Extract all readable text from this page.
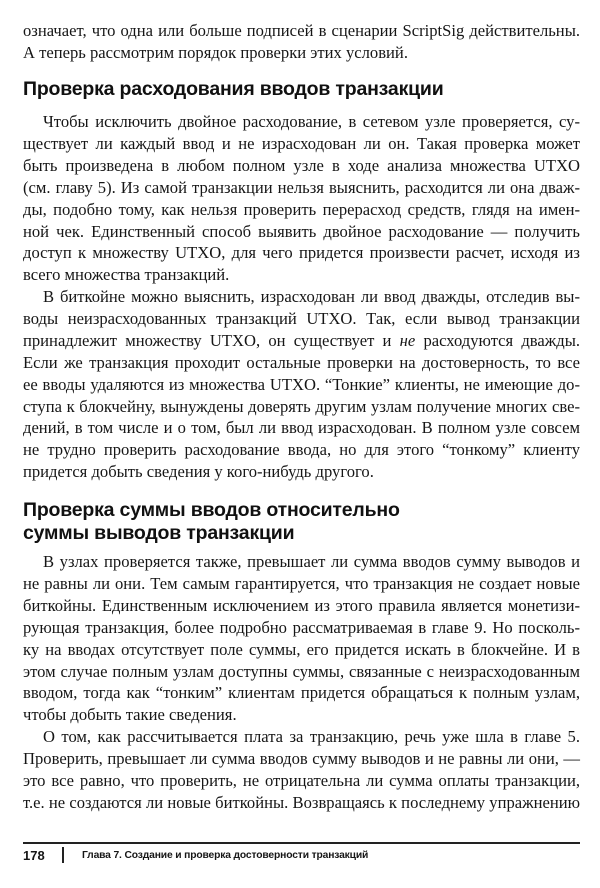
означает, что одна или больше подписей в сценарии ScriptSig действительны.
А теперь рассмотрим порядок проверки этих условий.
Проверка расходования вводов транзакции
Чтобы исключить двойное расходование, в сетевом узле проверяется, су-
ществует ли каждый ввод и не израсходован ли он. Такая проверка может
быть произведена в любом полном узле в ходе анализа множества UTXO
(см. главу 5). Из самой транзакции нельзя выяснить, расходится ли она дваж-
ды, подобно тому, как нельзя проверить перерасход средств, глядя на имен-
ной чек. Единственный способ выявить двойное расходование — получить
доступ к множеству UTXO, для чего придется произвести расчет, исходя из
всего множества транзакций.
В биткойне можно выяснить, израсходован ли ввод дважды, отследив вы-
воды неизрасходованных транзакций UTXO. Так, если вывод транзакции
принадлежит множеству UTXO, он существует и не расходуются дважды.
Если же транзакция проходит остальные проверки на достоверность, то все
ее вводы удаляются из множества UTXO. “Тонкие” клиенты, не имеющие до-
ступа к блокчейну, вынуждены доверять другим узлам получение многих све-
дений, в том числе и о том, был ли ввод израсходован. В полном узле совсем
не трудно проверить расходование ввода, но для этого “тонкому” клиенту
придется добыть сведения у кого-нибудь другого.
Проверка суммы вводов относительно
суммы выводов транзакции
В узлах проверяется также, превышает ли сумма вводов сумму выводов и
не равны ли они. Тем самым гарантируется, что транзакция не создает новые
биткойны. Единственным исключением из этого правила является монетизи-
рующая транзакция, более подробно рассматриваемая в главе 9. Но посколь-
ку на вводах отсутствует поле суммы, его придется искать в блокчейне. И в
этом случае полным узлам доступны суммы, связанные с неизрасходованным
вводом, тогда как “тонким” клиентам придется обращаться к полным узлам,
чтобы добыть такие сведения.
О том, как рассчитывается плата за транзакцию, речь уже шла в главе 5.
Проверить, превышает ли сумма вводов сумму выводов и не равны ли они, —
это все равно, что проверить, не отрицательна ли сумма оплаты транзакции,
т.е. не создаются ли новые биткойны. Возвращаясь к последнему упражнению
178	Глава 7. Создание и проверка достоверности транзакций
